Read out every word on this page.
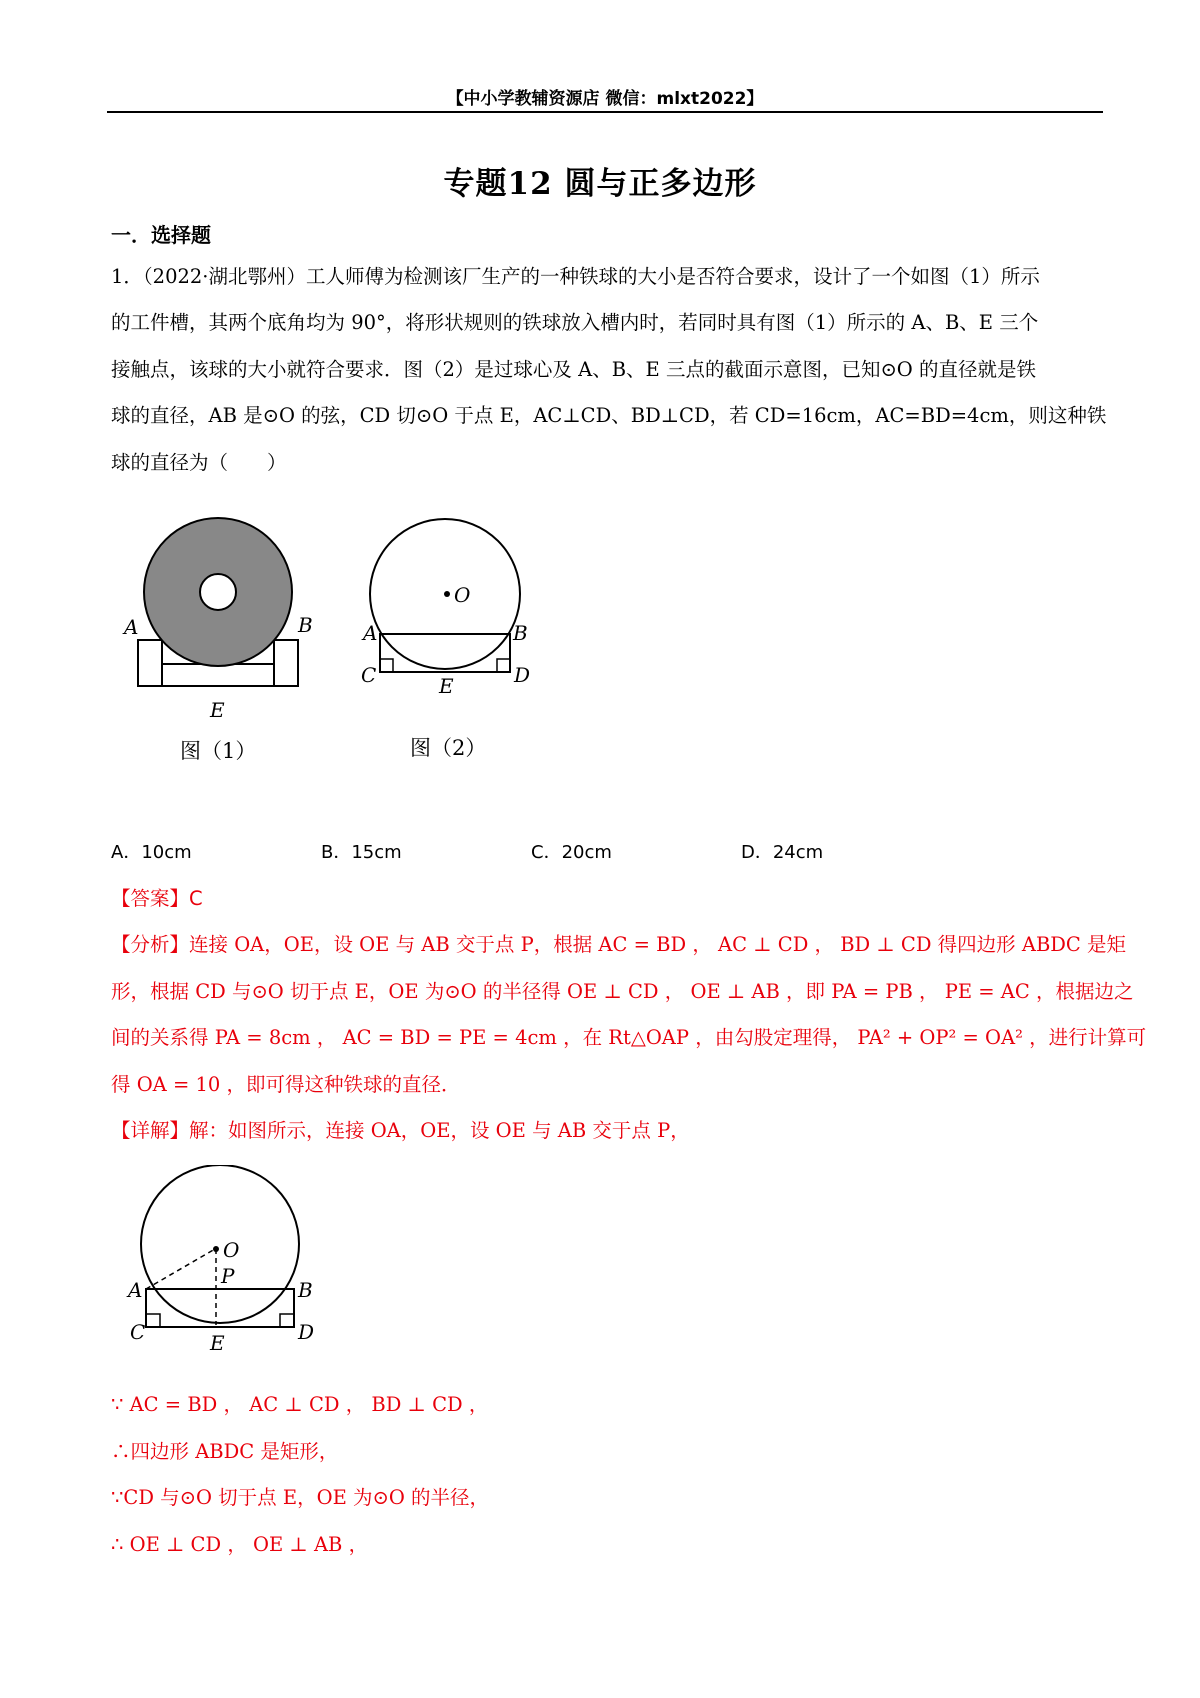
【中小学教辅资源店 微信：mlxt2022】
专题12 圆与正多边形
一．选择题
1．（2022·湖北鄂州）工人师傅为检测该厂生产的一种铁球的大小是否符合要求，设计了一个如图（1）所示
的工件槽，其两个底角均为 90°，将形状规则的铁球放入槽内时，若同时具有图（1）所示的 A、B、E 三个
接触点，该球的大小就符合要求．图（2）是过球心及 A、B、E 三点的截面示意图，已知⊙O 的直径就是铁
球的直径，AB 是⊙O 的弦，CD 切⊙O 于点 E，AC⊥CD、BD⊥CD，若 CD=16cm，AC=BD=4cm，则这种铁
球的直径为（　　）
A	B
E
图（1）
O
A	B
C	D
E
图（2）
A．10cm	B．15cm	C．20cm	D．24cm
【答案】C
【分析】连接 OA，OE，设 OE 与 AB 交于点 P，根据 AC = BD ， AC ⊥ CD ， BD ⊥ CD 得四边形 ABDC 是矩
形，根据 CD 与⊙O 切于点 E，OE 为⊙O 的半径得 OE ⊥ CD ， OE ⊥ AB ，即 PA = PB ， PE = AC ，根据边之
间的关系得 PA = 8cm ， AC = BD = PE = 4cm ，在 Rt△OAP ，由勾股定理得， PA² + OP² = OA² ，进行计算可
得 OA = 10 ，即可得这种铁球的直径．
【详解】解：如图所示，连接 OA，OE，设 OE 与 AB 交于点 P，
O
P
A	B
C	D
E
∵ AC = BD ， AC ⊥ CD ， BD ⊥ CD ，
∴四边形 ABDC 是矩形，
∵CD 与⊙O 切于点 E，OE 为⊙O 的半径，
∴ OE ⊥ CD ， OE ⊥ AB ，
